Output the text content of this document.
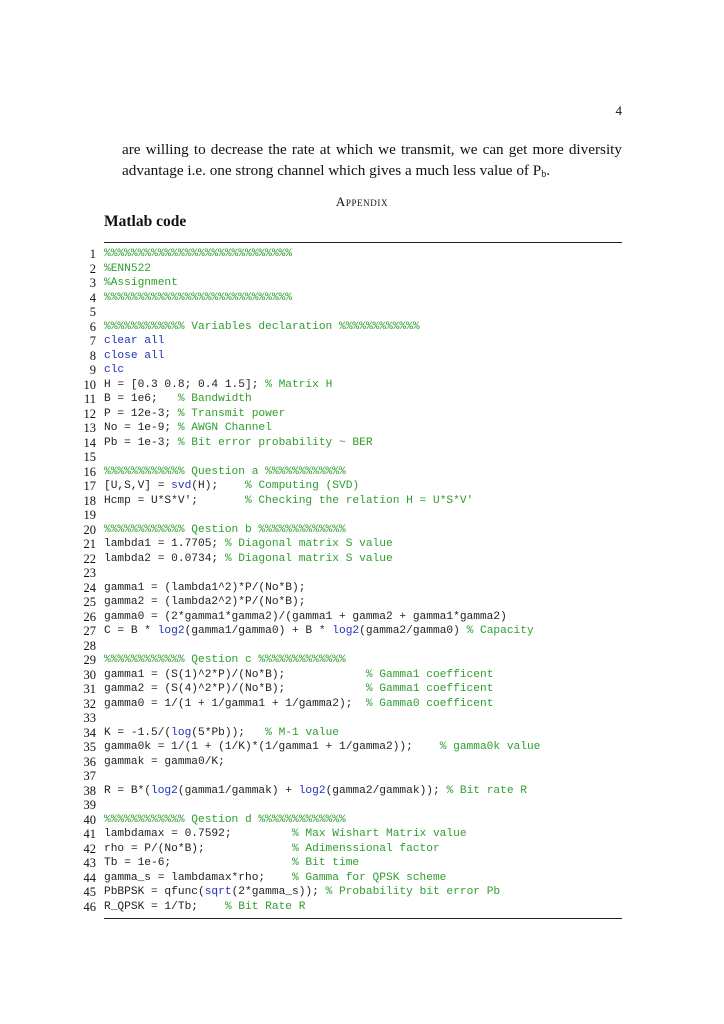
4
are willing to decrease the rate at which we transmit, we can get more diversity advantage i.e. one strong channel which gives a much less value of $P_b$.
Appendix
Matlab code
1 %%%%%%%%%%%%%%%%%%%%%%%%%%%%
2 %ENN522
3 %Assignment
4 %%%%%%%%%%%%%%%%%%%%%%%%%%%%
5
6 %%%%%%%%%%%% Variables declaration %%%%%%%%%%%%
7 clear all
8 close all
9 clc
10 H = [0.3 0.8; 0.4 1.5]; % Matrix H
11 B = 1e6;   % Bandwidth
12 P = 12e-3; % Transmit power
13 No = 1e-9; % AWGN Channel
14 Pb = 1e-3; % Bit error probability ~ BER
15
16 %%%%%%%%%%%% Question a %%%%%%%%%%%%
17 [U,S,V] = svd(H);    % Computing (SVD)
18 Hcmp = U*S*V';       % Checking the relation H = U*S*V'
19
20 %%%%%%%%%%%% Qestion b %%%%%%%%%%%%%
21 lambda1 = 1.7705; % Diagonal matrix S value
22 lambda2 = 0.0734; % Diagonal matrix S value
23
24 gamma1 = (lambda1^2)*P/(No*B);
25 gamma2 = (lambda2^2)*P/(No*B);
26 gamma0 = (2*gamma1*gamma2)/(gamma1 + gamma2 + gamma1*gamma2)
27 C = B * log2(gamma1/gamma0) + B * log2(gamma2/gamma0) % Capacity
28
29 %%%%%%%%%%%% Qestion c %%%%%%%%%%%%%
30 gamma1 = (S(1)^2*P)/(No*B);            % Gamma1 coefficent
31 gamma2 = (S(4)^2*P)/(No*B);            % Gamma1 coefficent
32 gamma0 = 1/(1 + 1/gamma1 + 1/gamma2);  % Gamma0 coefficent
33
34 K = -1.5/(log(5*Pb));   % M-1 value
35 gamma0k = 1/(1 + (1/K)*(1/gamma1 + 1/gamma2));    % gamma0k value
36 gammak = gamma0/K;
37
38 R = B*(log2(gamma1/gammak) + log2(gamma2/gammak)); % Bit rate R
39
40 %%%%%%%%%%%% Qestion d %%%%%%%%%%%%%
41 lambdamax = 0.7592;         % Max Wishart Matrix value
42 rho = P/(No*B);             % Adimenssional factor
43 Tb = 1e-6;                  % Bit time
44 gamma_s = lambdamax*rho;    % Gamma for QPSK scheme
45 PbBPSK = qfunc(sqrt(2*gamma_s)); % Probability bit error Pb
46 R_QPSK = 1/Tb;    % Bit Rate R
